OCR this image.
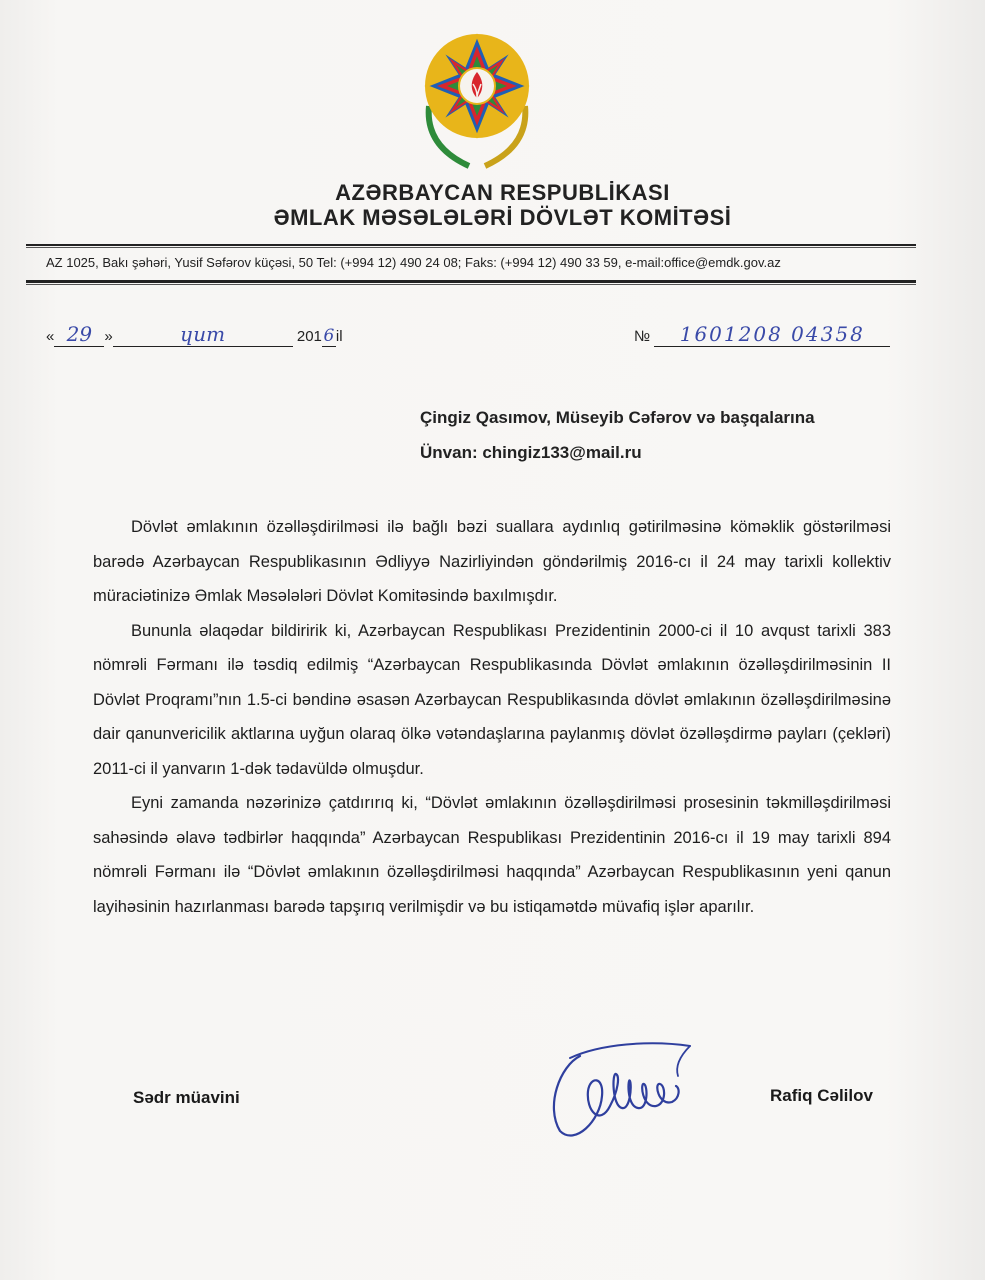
AZƏRBAYCAN RESPUBLİKASI
ƏMLAK MƏSƏLƏLƏRİ DÖVLƏT KOMİTƏSİ
AZ 1025, Bakı şəhəri, Yusif Səfərov küçəsi, 50 Tel: (+994 12) 490 24 08; Faks: (+994 12) 490 33 59, e-mail:office@emdk.gov.az
« 29 »	ɥum	2016 il	№ 1601208 04358
Çingiz Qasımov, Müseyib Cəfərov və başqalarına
Ünvan: chingiz133@mail.ru

Dövlət əmlakının özəlləşdirilməsi ilə bağlı bəzi suallara aydınlıq gətirilməsinə köməklik göstərilməsi barədə Azərbaycan Respublikasının Ədliyyə Nazirliyindən göndərilmiş 2016-cı il 24 may tarixli kollektiv müraciətinizə Əmlak Məsələləri Dövlət Komitəsində baxılmışdır.

Bununla əlaqədar bildiririk ki, Azərbaycan Respublikası Prezidentinin 2000-ci il 10 avqust tarixli 383 nömrəli Fərmanı ilə təsdiq edilmiş “Azərbaycan Respublikasında Dövlət əmlakının özəlləşdirilməsinin II Dövlət Proqramı”nın 1.5-ci bəndinə əsasən Azərbaycan Respublikasında dövlət əmlakının özəlləşdirilməsinə dair qanunvericilik aktlarına uyğun olaraq ölkə vətəndaşlarına paylanmış dövlət özəlləşdirmə payları (çekləri) 2011-ci il yanvarın 1-dək tədavüldə olmuşdur.

Eyni zamanda nəzərinizə çatdırırıq ki, “Dövlət əmlakının özəlləşdirilməsi prosesinin təkmilləşdirilməsi sahəsində əlavə tədbirlər haqqında” Azərbaycan Respublikası Prezidentinin 2016-cı il 19 may tarixli 894 nömrəli Fərmanı ilə “Dövlət əmlakının özəlləşdirilməsi haqqında” Azərbaycan Respublikasının yeni qanun layihəsinin hazırlanması barədə tapşırıq verilmişdir və bu istiqamətdə müvafiq işlər aparılır.

Sədr müavini	Rafiq Cəlilov
